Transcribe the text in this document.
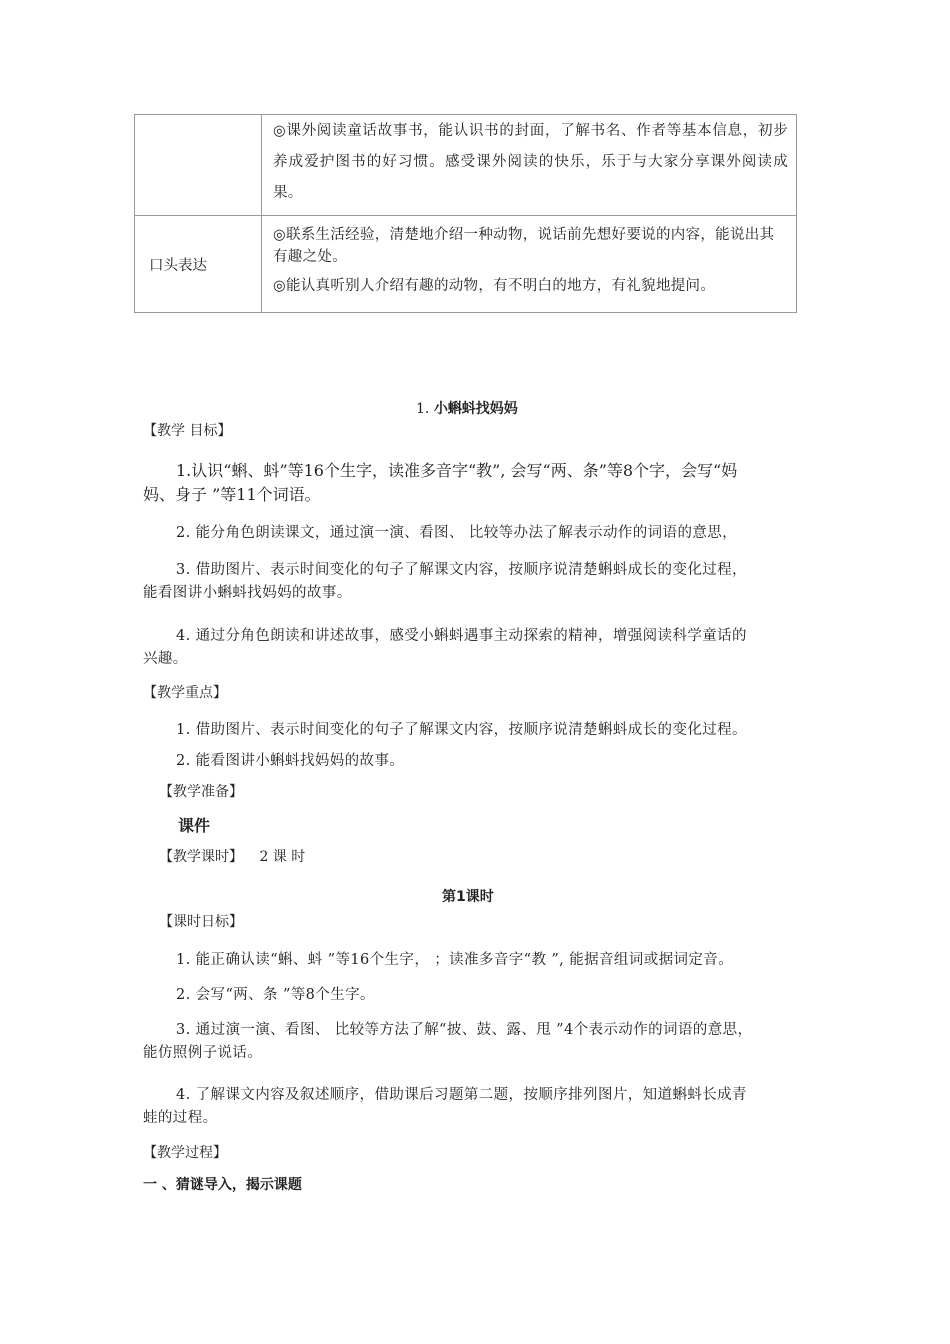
	◎课外阅读童话故事书，能认识书的封面，了解书名、作者等基本信息，初步养成爱护图书的好习惯。感受课外阅读的快乐，乐于与大家分享课外阅读成果。

口头表达	◎联系生活经验，清楚地介绍一种动物，说话前先想好要说的内容，能说出其有趣之处。
◎能认真听别人介绍有趣的动物，有不明白的地方，有礼貌地提问。
1. 小蝌蚪找妈妈
【教学 目标】
1.认识“蝌、蚪”等16个生字，读准多音字“教”, 会写“两、条”等8个字，会写“妈
妈、身子 ”等11个词语。
2. 能分角色朗读课文，通过演一演、看图、 比较等办法了解表示动作的词语的意思，
3. 借助图片、表示时间变化的句子了解课文内容，按顺序说清楚蝌蚪成长的变化过程，
能看图讲小蝌蚪找妈妈的故事。
4. 通过分角色朗读和讲述故事，感受小蝌蚪遇事主动探索的精神，增强阅读科学童话的
兴趣。
【教学重点】
1. 借助图片、表示时间变化的句子了解课文内容，按顺序说清楚蝌蚪成长的变化过程。
2. 能看图讲小蝌蚪找妈妈的故事。
【教学准备】
课件
【教学课时】 2 课 时
第1课时
【课时日标】
1. 能正确认读“蝌、蚪 ”等16个生字， ；读准多音字“教 ”, 能据音组词或据词定音。
2. 会写“两、条 ”等8个生字。
3. 通过演一演、看图、 比较等方法了解“披、鼓、露、甩 ”4个表示动作的词语的意思，
能仿照例子说话。
4. 了解课文内容及叙述顺序，借助课后习题第二题，按顺序排列图片，知道蝌蚪长成青
蛙的过程。
【教学过程】
一 、猜谜导入，揭示课题
